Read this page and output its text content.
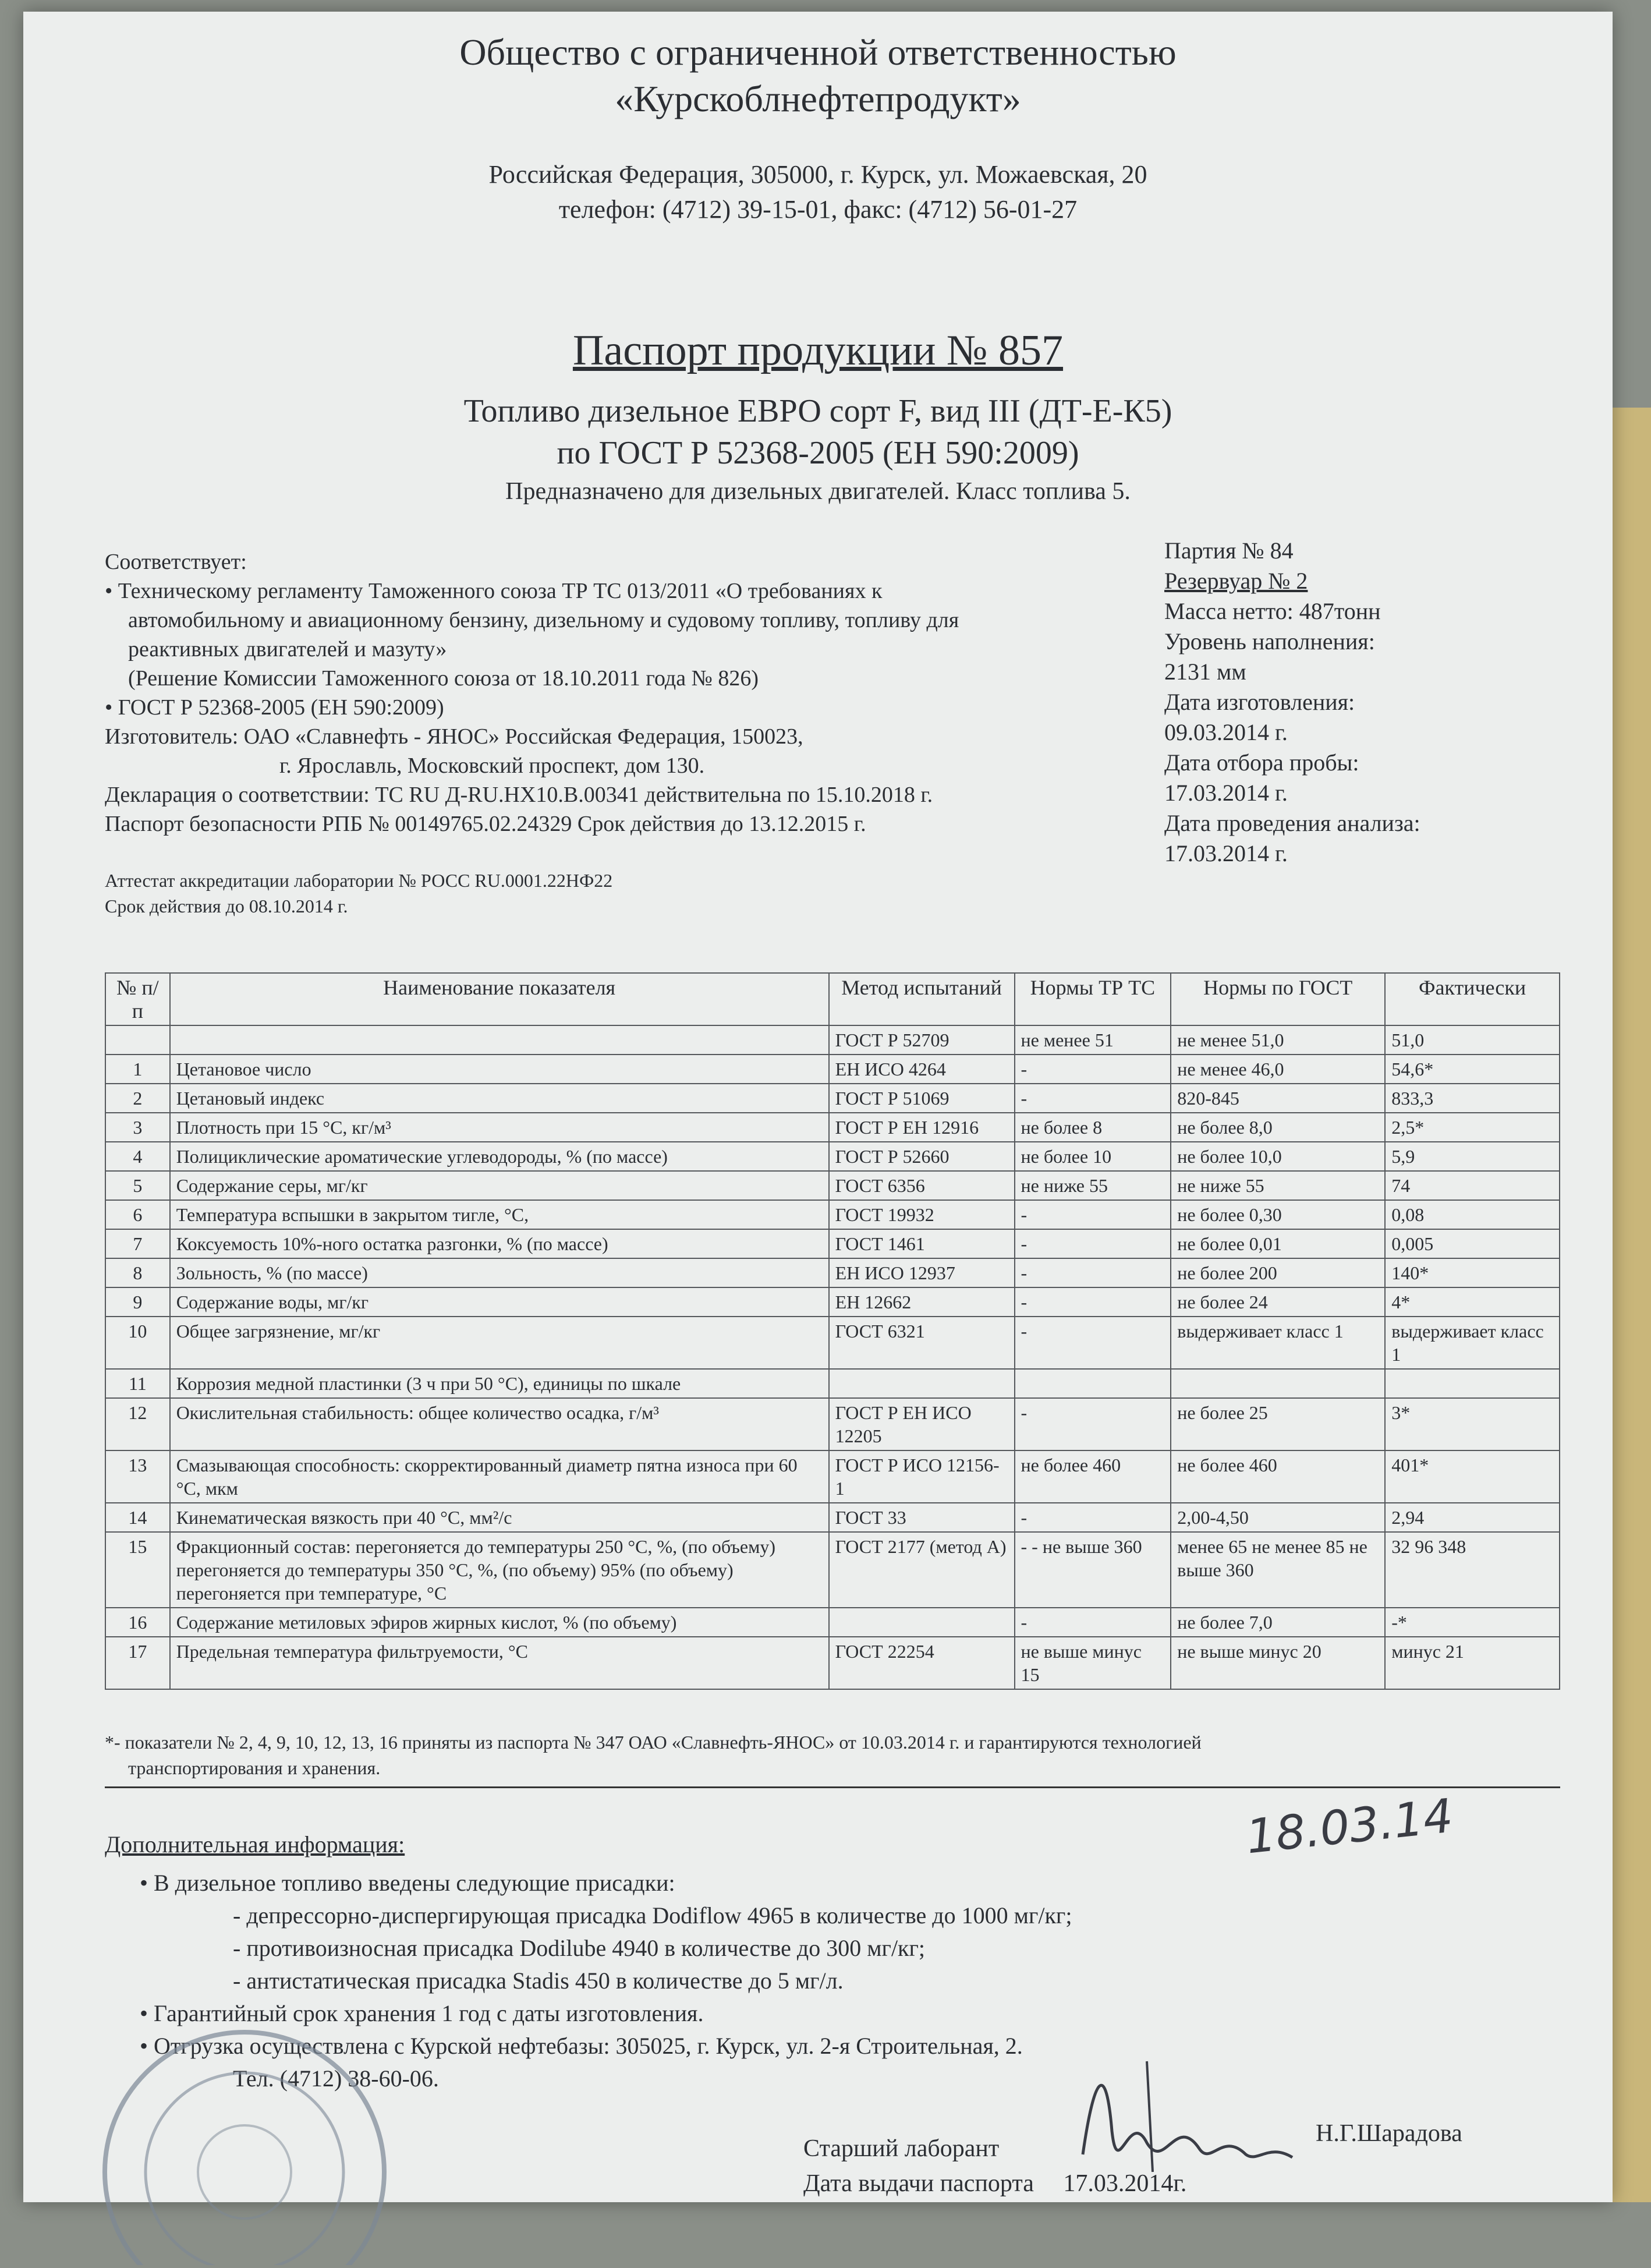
Общество с ограниченной ответственностью
«Курскоблнефтепродукт»
Российская Федерация, 305000, г. Курск, ул. Можаевская, 20
телефон: (4712) 39-15-01, факс: (4712) 56-01-27
Паспорт продукции № 857
Топливо дизельное ЕВРО сорт F, вид III (ДТ-Е-К5)
по ГОСТ Р 52368-2005 (ЕН 590:2009)
Предназначено для дизельных двигателей. Класс топлива 5.

Соответствует:

• Техническому регламенту Таможенного союза ТР ТС 013/2011 «О требованиях к

автомобильному и авиационному бензину, дизельному и судовому топливу, топливу для

реактивных двигателей и мазуту»

(Решение Комиссии Таможенного союза от 18.10.2011 года № 826)

• ГОСТ Р 52368-2005 (ЕН 590:2009)

Изготовитель: ОАО «Славнефть - ЯНОС» Российская Федерация, 150023,

г. Ярославль, Московский проспект, дом 130.

Декларация о соответствии: ТС RU Д-RU.НХ10.В.00341 действительна по 15.10.2018 г.

Паспорт безопасности РПБ № 00149765.02.24329 Срок действия до 13.12.2015 г.

Партия № 84

Резервуар № 2

Масса нетто: 487тонн

Уровень наполнения:

2131 мм

Дата изготовления:

09.03.2014 г.

Дата отбора пробы:

17.03.2014 г.

Дата проведения анализа:

17.03.2014 г.

Аттестат аккредитации лаборатории № РОСС RU.0001.22НФ22

Срок действия до 08.10.2014 г.

№ п/п	Наименование показателя	Метод испытаний	Нормы ТР ТС	Нормы по ГОСТ	Фактически
		ГОСТ Р 52709	не менее 51	не менее 51,0	51,0
1	Цетановое число	ЕН ИСО 4264	-	не менее 46,0	54,6*
2	Цетановый индекс	ГОСТ Р 51069	-	820-845	833,3
3	Плотность при 15 °С, кг/м³	ГОСТ Р ЕН 12916	не более 8	не более 8,0	2,5*
4	Полициклические ароматические углеводороды, % (по массе)	ГОСТ Р 52660	не более 10	не более 10,0	5,9
5	Содержание серы, мг/кг	ГОСТ 6356	не ниже 55	не ниже 55	74
6	Температура вспышки в закрытом тигле, °С,	ГОСТ 19932	-	не более 0,30	0,08
7	Коксуемость 10%-ного остатка разгонки, % (по массе)	ГОСТ 1461	-	не более 0,01	0,005
8	Зольность, % (по массе)	ЕН ИСО 12937	-	не более 200	140*
9	Содержание воды, мг/кг	ЕН 12662	-	не более 24	4*
10	Общее загрязнение, мг/кг	ГОСТ 6321	-	выдерживает класс 1	выдерживает класс 1
11	Коррозия медной пластинки (3 ч при 50 °С), единицы по шкале				
12	Окислительная стабильность: общее количество осадка, г/м³	ГОСТ Р ЕН ИСО 12205	-	не более 25	3*
13	Смазывающая способность: скорректированный диаметр пятна износа при 60 °С, мкм	ГОСТ Р ИСО 12156-1	не более 460	не более 460	401*
14	Кинематическая вязкость при 40 °С, мм²/с	ГОСТ 33	-	2,00-4,50	2,94
15	Фракционный состав: перегоняется до температуры 250 °С, %, (по объему) перегоняется до температуры 350 °С, %, (по объему) 95% (по объему) перегоняется при температуре, °С	ГОСТ 2177 (метод А)	- - не выше 360	менее 65 не менее 85 не выше 360	32 96 348
16	Содержание метиловых эфиров жирных кислот, % (по объему)		-	не более 7,0	-*
17	Предельная температура фильтруемости, °С	ГОСТ 22254	не выше минус 15	не выше минус 20	минус 21

*- показатели № 2, 4, 9, 10, 12, 13, 16 приняты из паспорта № 347 ОАО «Славнефть-ЯНОС» от 10.03.2014 г. и гарантируются технологией

транспортирования и хранения.

18.03.14

Дополнительная информация:

• В дизельное топливо введены следующие присадки:

- депрессорно-диспергирующая присадка Dodiflow 4965 в количестве до 1000 мг/кг;

- противоизносная присадка Dodilube 4940 в количестве до 300 мг/кг;

- антистатическая присадка Stadis 450 в количестве до 5 мг/л.

• Гарантийный срок хранения 1 год с даты изготовления.

• Отгрузка осуществлена с Курской нефтебазы: 305025, г. Курск, ул. 2-я Строительная, 2.

Тел. (4712) 38-60-06.

Старший лаборант

Дата выдачи паспорта 17.03.2014г.

Н.Г.Шарадова
